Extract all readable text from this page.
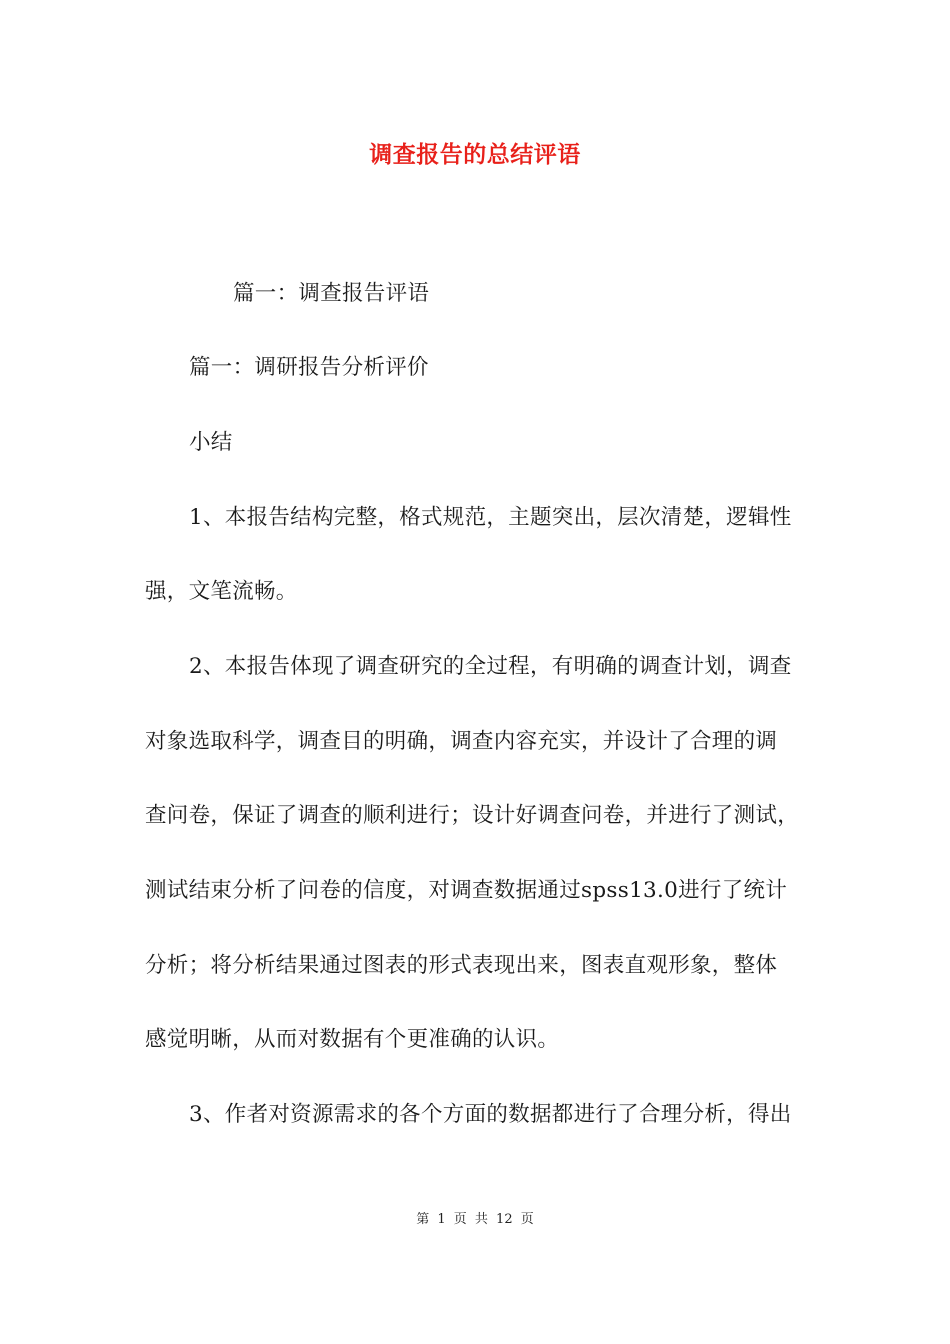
调查报告的总结评语
篇一：调查报告评语
篇一：调研报告分析评价
小结
1、本报告结构完整，格式规范，主题突出，层次清楚，逻辑性
强，文笔流畅。
2、本报告体现了调查研究的全过程，有明确的调查计划，调查
对象选取科学，调查目的明确，调查内容充实，并设计了合理的调
查问卷，保证了调查的顺利进行；设计好调查问卷，并进行了测试，
测试结束分析了问卷的信度，对调查数据通过spss13.0进行了统计
分析；将分析结果通过图表的形式表现出来，图表直观形象，整体
感觉明晰，从而对数据有个更准确的认识。
3、作者对资源需求的各个方面的数据都进行了合理分析，得出
第 1 页 共 12 页
